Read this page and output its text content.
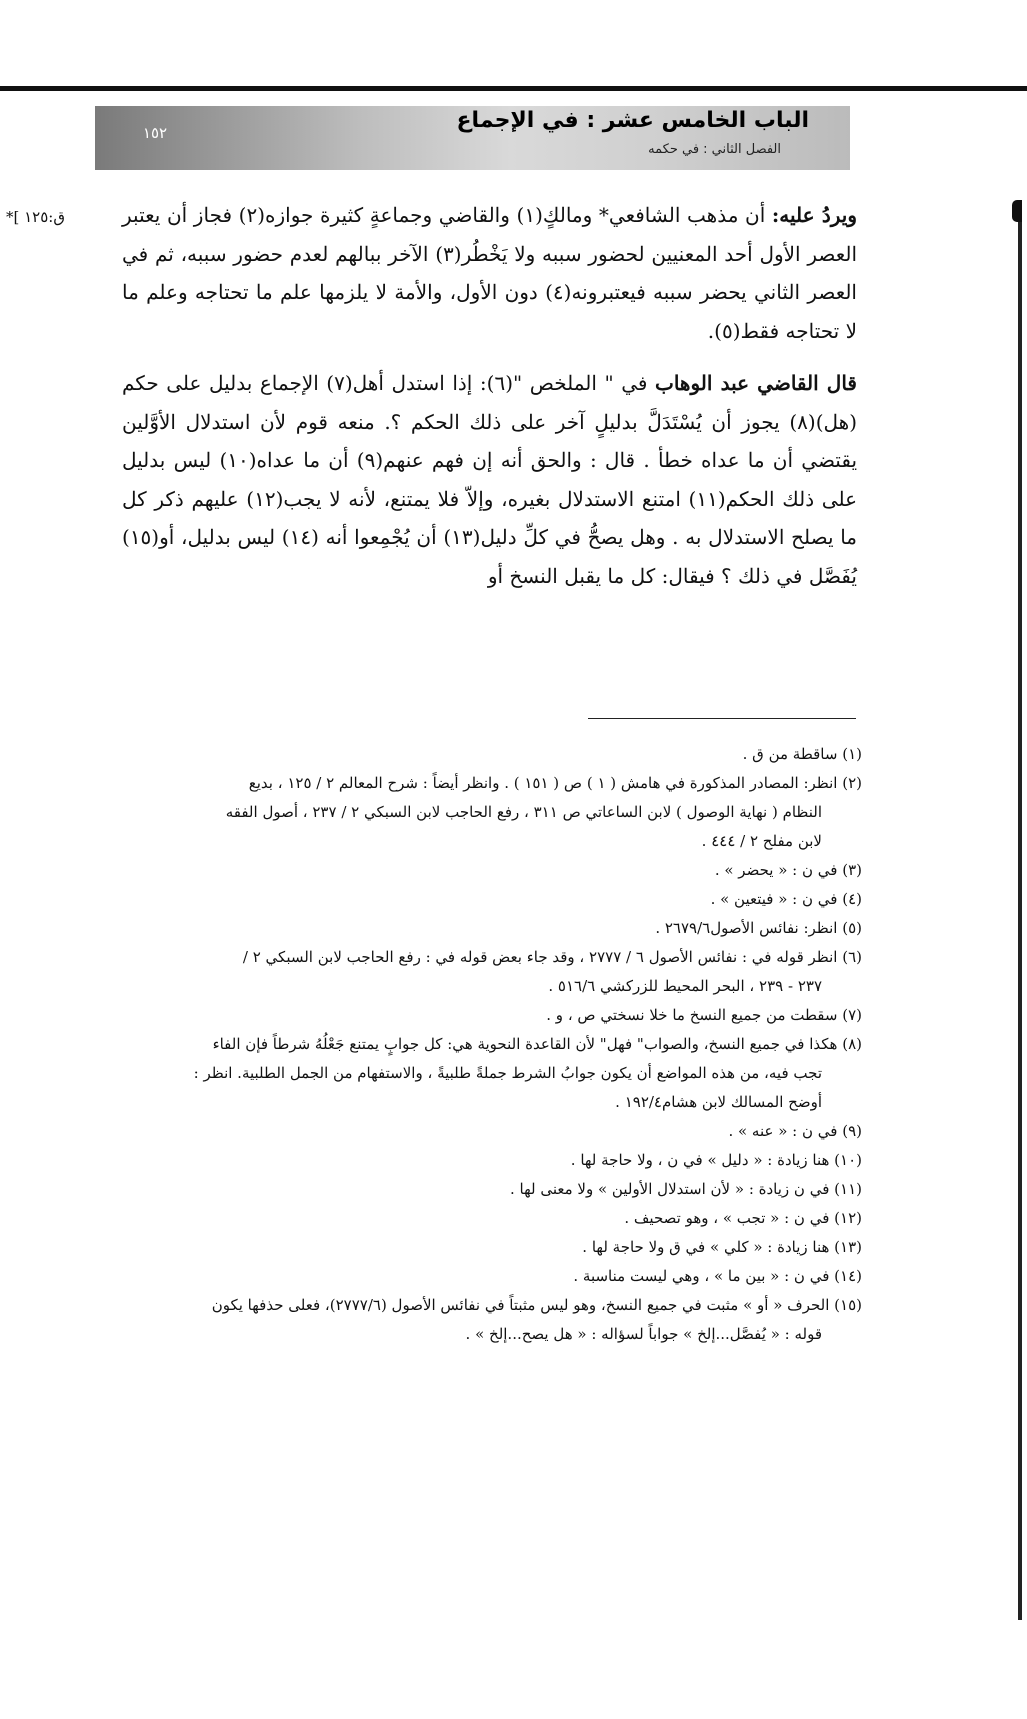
١٥٢	الباب الخامس عشر : في الإجماع
الفصل الثاني : في حكمه
*[ ق:١٢٥	ويردُ عليه: أن مذهب الشافعي* ومالكٍ(١) والقاضي وجماعةٍ كثيرة جوازه(٢) فجاز أن يعتبر العصر الأول أحد المعنيين لحضور سببه ولا يَخْطُر(٣) الآخر ببالهم لعدم حضور سببه، ثم في العصر الثاني يحضر سببه فيعتبرونه(٤) دون الأول، والأمة لا يلزمها علم ما تحتاجه وعلم ما لا تحتاجه فقط(٥).

قال القاضي عبد الوهاب في " الملخص "(٦): إذا استدل أهل(٧) الإجماع بدليل على حكم (هل)(٨) يجوز أن يُسْتَدَلَّ بدليلٍ آخر على ذلك الحكم ؟. منعه قوم لأن استدلال الأوَّلين يقتضي أن ما عداه خطأ . قال : والحق أنه إن فهم عنهم(٩) أن ما عداه(١٠) ليس بدليل على ذلك الحكم(١١) امتنع الاستدلال بغيره، وإلاّ فلا يمتنع، لأنه لا يجب(١٢) عليهم ذكر كل ما يصلح الاستدلال به . وهل يصحُّ في كلِّ دليل(١٣) أن يُجْمِعوا أنه (١٤) ليس بدليل، أو(١٥) يُفَصَّل في ذلك ؟ فيقال: كل ما يقبل النسخ أو

(١) ساقطة من ق .

(٢) انظر: المصادر المذكورة في هامش ( ١ ) ص ( ١٥١ ) . وانظر أيضاً : شرح المعالم ٢ / ١٢٥ ، بديع

النظام ( نهاية الوصول ) لابن الساعاتي ص ٣١١ ، رفع الحاجب لابن السبكي ٢ / ٢٣٧ ، أصول الفقه

لابن مفلح ٢ / ٤٤٤ .

(٣) في ن : « يحضر » .

(٤) في ن : « فيتعين » .

(٥) انظر: نفائس الأصول٢٦٧٩/٦ .

(٦) انظر قوله في : نفائس الأصول ٦ / ٢٧٧٧ ، وقد جاء بعض قوله في : رفع الحاجب لابن السبكي ٢ /

٢٣٧ - ٢٣٩ ، البحر المحيط للزركشي ٥١٦/٦ .

(٧) سقطت من جميع النسخ ما خلا نسختي ص ، و .

(٨) هكذا في جميع النسخ، والصواب" فهل" لأن القاعدة النحوية هي: كل جوابٍ يمتنع جَعْلُهُ شرطاً فإن الفاء

تجب فيه، من هذه المواضع أن يكون جوابُ الشرط جملةً طلبيةً ، والاستفهام من الجمل الطلبية. انظر :

أوضح المسالك لابن هشام١٩٢/٤ .

(٩) في ن : « عنه » .

(١٠) هنا زيادة : « دليل » في ن ، ولا حاجة لها .

(١١) في ن زيادة : « لأن استدلال الأولين » ولا معنى لها .

(١٢) في ن : « تجب » ، وهو تصحيف .

(١٣) هنا زيادة : « كلي » في ق ولا حاجة لها .

(١٤) في ن : « بين ما » ، وهي ليست مناسبة .

(١٥) الحرف « أو » مثبت في جميع النسخ، وهو ليس مثبتاً في نفائس الأصول (٢٧٧٧/٦)، فعلى حذفها يكون

قوله : « يُفصَّل...إلخ » جواباً لسؤاله : « هل يصح...إلخ » .
